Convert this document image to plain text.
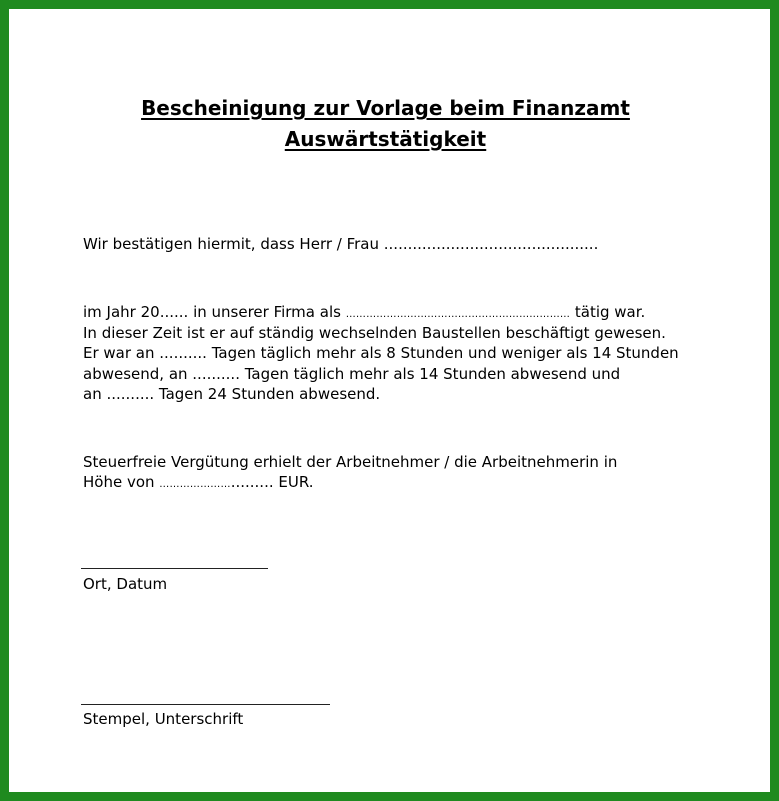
Bescheinigung zur Vorlage beim Finanzamt
Auswärtstätigkeit
Wir bestätigen hiermit, dass Herr / Frau .............................................
im Jahr 20...... in unserer Firma als ………………………………………………………… tätig war.
In dieser Zeit ist er auf ständig wechselnden Baustellen beschäftigt gewesen.
Er war an .......... Tagen täglich mehr als 8 Stunden und weniger als 14 Stunden
abwesend, an .......... Tagen täglich mehr als 14 Stunden abwesend und
an .......... Tagen 24 Stunden abwesend.
Steuerfreie Vergütung erhielt der Arbeitnehmer / die Arbeitnehmerin in
Höhe von …………………......... EUR.
Ort, Datum
Stempel, Unterschrift
